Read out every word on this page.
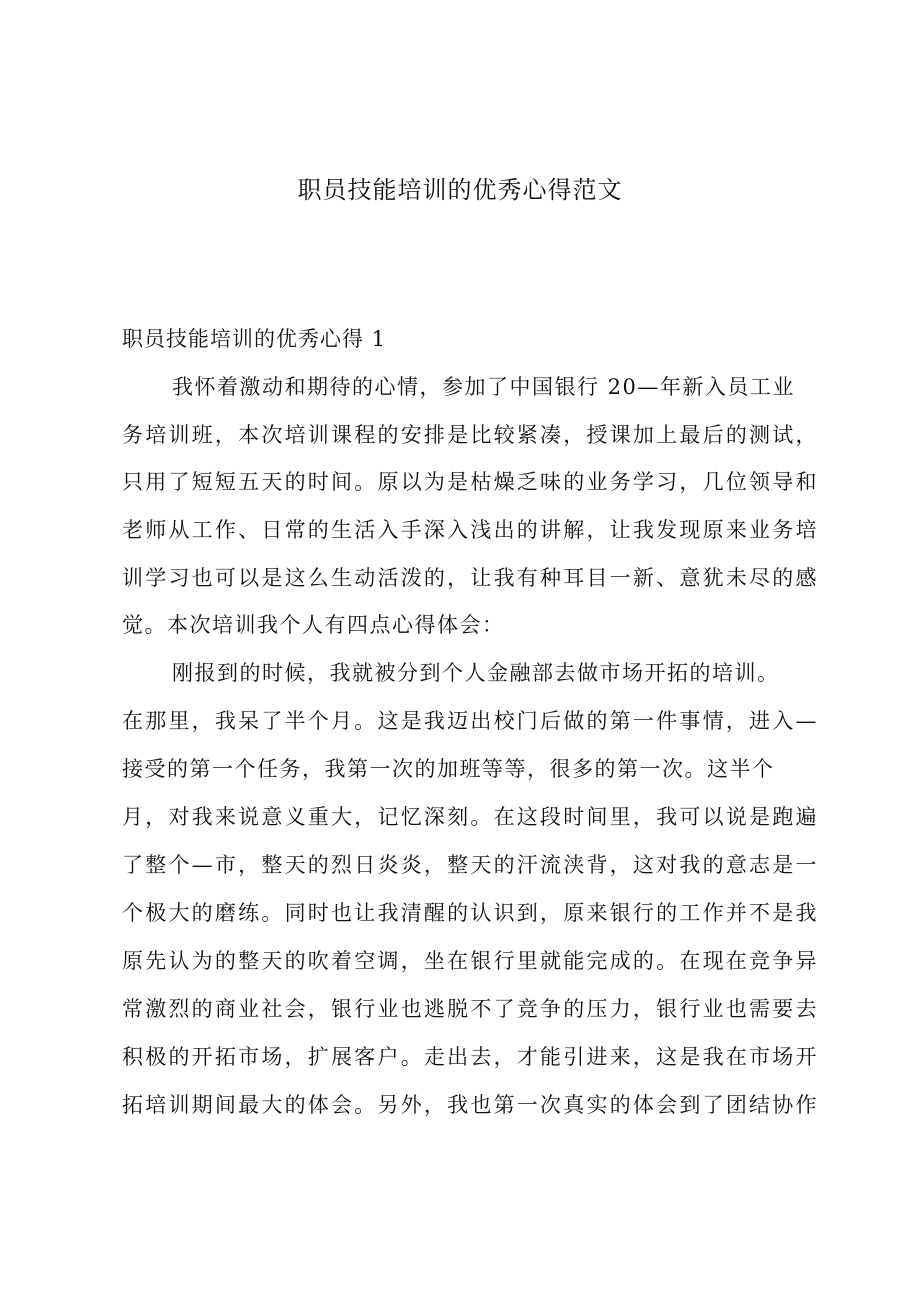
职员技能培训的优秀心得范文
职员技能培训的优秀心得 1
我怀着激动和期待的心情，参加了中国银行 20—年新入员工业
务培训班，本次培训课程的安排是比较紧凑，授课加上最后的测试，
只用了短短五天的时间。原以为是枯燥乏味的业务学习，几位领导和
老师从工作、日常的生活入手深入浅出的讲解，让我发现原来业务培
训学习也可以是这么生动活泼的，让我有种耳目一新、意犹未尽的感
觉。本次培训我个人有四点心得体会：
刚报到的时候，我就被分到个人金融部去做市场开拓的培训。
在那里，我呆了半个月。这是我迈出校门后做的第一件事情，进入—
接受的第一个任务，我第一次的加班等等，很多的第一次。这半个
月，对我来说意义重大，记忆深刻。在这段时间里，我可以说是跑遍
了整个—市，整天的烈日炎炎，整天的汗流浃背，这对我的意志是一
个极大的磨练。同时也让我清醒的认识到，原来银行的工作并不是我
原先认为的整天的吹着空调，坐在银行里就能完成的。在现在竞争异
常激烈的商业社会，银行业也逃脱不了竞争的压力，银行业也需要去
积极的开拓市场，扩展客户。走出去，才能引进来，这是我在市场开
拓培训期间最大的体会。另外，我也第一次真实的体会到了团结协作
